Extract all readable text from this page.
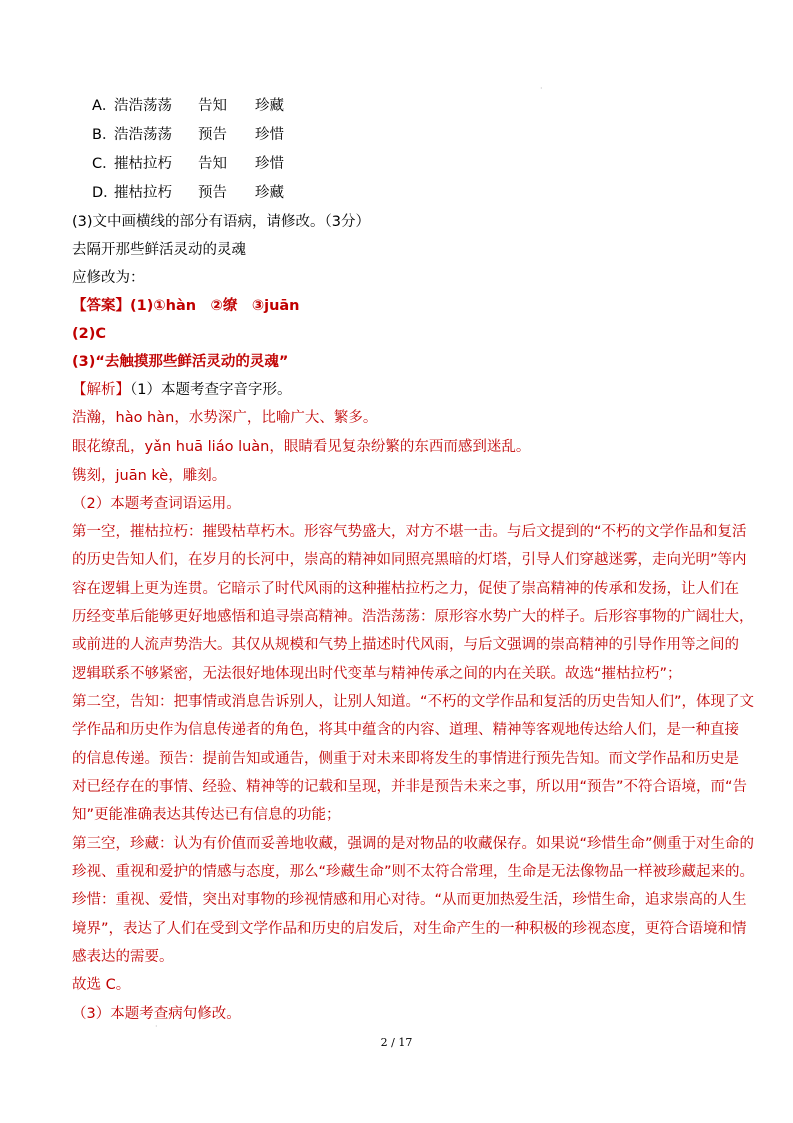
A．浩浩荡荡 告知 珍藏
B．浩浩荡荡 预告 珍惜
C．摧枯拉朽 告知 珍惜
D．摧枯拉朽 预告 珍藏
(3)文中画横线的部分有语病，请修改。（3分）
去隔开那些鲜活灵动的灵魂
应修改为：
【答案】(1)①hàn　②缭　③juān
(2)C
(3)“去触摸那些鲜活灵动的灵魂”
【解析】（1）本题考查字音字形。
浩瀚，hào hàn，水势深广，比喻广大、繁多。
眼花缭乱，yǎn huā liáo luàn，眼睛看见复杂纷繁的东西而感到迷乱。
镌刻，juān kè，雕刻。
（2）本题考查词语运用。
第一空，摧枯拉朽：摧毁枯草朽木。形容气势盛大，对方不堪一击。与后文提到的“不朽的文学作品和复活
的历史告知人们，在岁月的长河中，崇高的精神如同照亮黑暗的灯塔，引导人们穿越迷雾，走向光明”等内
容在逻辑上更为连贯。它暗示了时代风雨的这种摧枯拉朽之力，促使了崇高精神的传承和发扬，让人们在
历经变革后能够更好地感悟和追寻崇高精神。浩浩荡荡：原形容水势广大的样子。后形容事物的广阔壮大，
或前进的人流声势浩大。其仅从规模和气势上描述时代风雨，与后文强调的崇高精神的引导作用等之间的
逻辑联系不够紧密，无法很好地体现出时代变革与精神传承之间的内在关联。故选“摧枯拉朽”；
第二空，告知：把事情或消息告诉别人，让别人知道。“不朽的文学作品和复活的历史告知人们”，体现了文
学作品和历史作为信息传递者的角色，将其中蕴含的内容、道理、精神等客观地传达给人们，是一种直接
的信息传递。预告：提前告知或通告，侧重于对未来即将发生的事情进行预先告知。而文学作品和历史是
对已经存在的事情、经验、精神等的记载和呈现，并非是预告未来之事，所以用“预告”不符合语境，而“告
知”更能准确表达其传达已有信息的功能；
第三空，珍藏：认为有价值而妥善地收藏，强调的是对物品的收藏保存。如果说“珍惜生命”侧重于对生命的
珍视、重视和爱护的情感与态度，那么“珍藏生命”则不太符合常理，生命是无法像物品一样被珍藏起来的。
珍惜：重视、爱惜，突出对事物的珍视情感和用心对待。“从而更加热爱生活，珍惜生命，追求崇高的人生
境界”，表达了人们在受到文学作品和历史的启发后，对生命产生的一种积极的珍视态度，更符合语境和情
感表达的需要。
故选 C。
（3）本题考查病句修改。
·
·
2 / 17
